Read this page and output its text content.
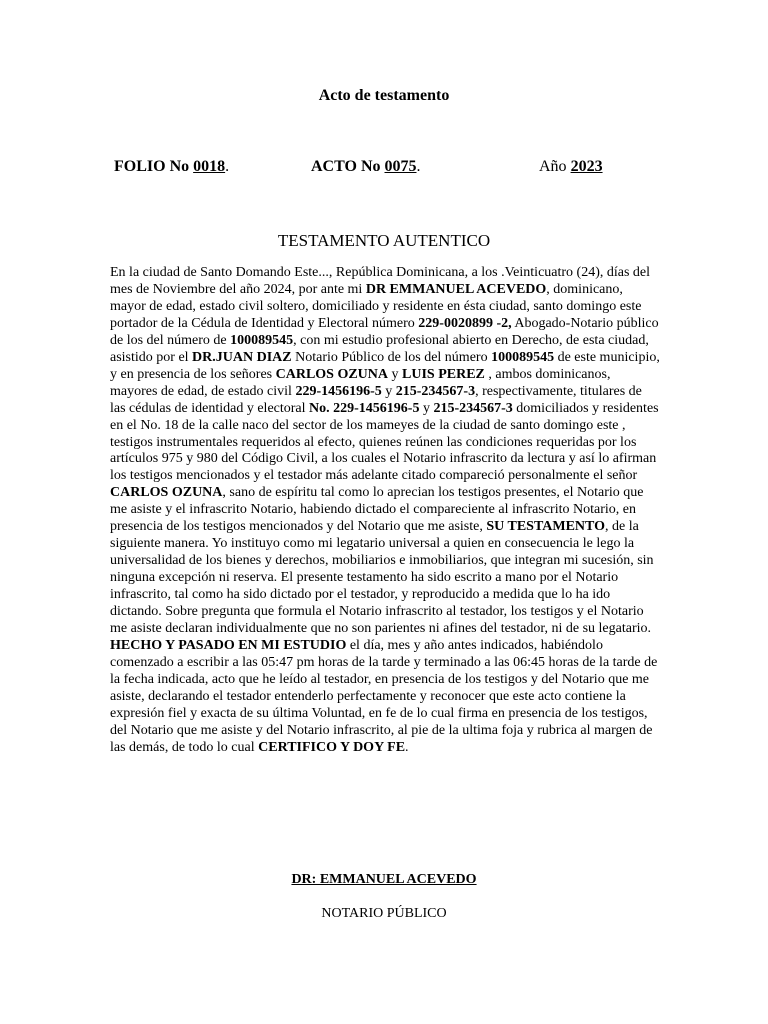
Acto de testamento
FOLIO No 0018.	ACTO No 0075.	Año 2023
TESTAMENTO AUTENTICO
En la ciudad de Santo Domando Este..., República Dominicana, a los .Veinticuatro (24), días del mes de Noviembre del año 2024, por ante mi DR EMMANUEL ACEVEDO, dominicano, mayor de edad, estado civil soltero, domiciliado y residente en ésta ciudad, santo domingo este portador de la Cédula de Identidad y Electoral número 229-0020899 -2, Abogado-Notario público de los del número de 100089545, con mi estudio profesional abierto en Derecho, de esta ciudad, asistido por el DR.JUAN DIAZ Notario Público de los del número 100089545 de este municipio, y en presencia de los señores CARLOS OZUNA y LUIS PEREZ , ambos dominicanos, mayores de edad, de estado civil 229-1456196-5 y 215-234567-3, respectivamente, titulares de las cédulas de identidad y electoral No. 229-1456196-5 y 215-234567-3 domiciliados y residentes en el No. 18 de la calle naco del sector de los mameyes de la ciudad de santo domingo este , testigos instrumentales requeridos al efecto, quienes reúnen las condiciones requeridas por los artículos 975 y 980 del Código Civil, a los cuales el Notario infrascrito da lectura y así lo afirman los testigos mencionados y el testador más adelante citado compareció personalmente el señor CARLOS OZUNA, sano de espíritu tal como lo aprecian los testigos presentes, el Notario que me asiste y el infrascrito Notario, habiendo dictado el compareciente al infrascrito Notario, en presencia de los testigos mencionados y del Notario que me asiste, SU TESTAMENTO, de la siguiente manera. Yo instituyo como mi legatario universal a quien en consecuencia le lego la universalidad de los bienes y derechos, mobiliarios e inmobiliarios, que integran mi sucesión, sin ninguna excepción ni reserva. El presente testamento ha sido escrito a mano por el Notario infrascrito, tal como ha sido dictado por el testador, y reproducido a medida que lo ha ido dictando. Sobre pregunta que formula el Notario infrascrito al testador, los testigos y el Notario me asiste declaran individualmente que no son parientes ni afines del testador, ni de su legatario. HECHO Y PASADO EN MI ESTUDIO el día, mes y año antes indicados, habiéndolo comenzado a escribir a las 05:47 pm horas de la tarde y terminado a las 06:45 horas de la tarde de la fecha indicada, acto que he leído al testador, en presencia de los testigos y del Notario que me asiste, declarando el testador entenderlo perfectamente y reconocer que este acto contiene la expresión fiel y exacta de su última Voluntad, en fe de lo cual firma en presencia de los testigos, del Notario que me asiste y del Notario infrascrito, al pie de la ultima foja y rubrica al margen de las demás, de todo lo cual CERTIFICO Y DOY FE.
DR: EMMANUEL ACEVEDO
NOTARIO PÚBLICO
